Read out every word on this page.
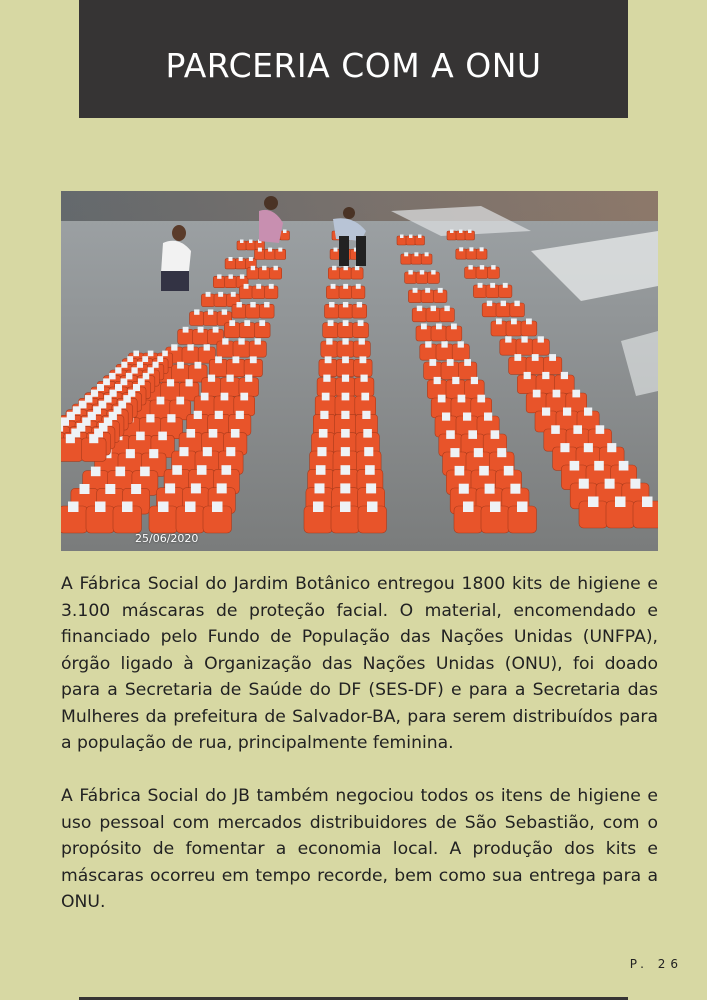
PARCERIA COM A ONU
25/06/2020

A Fábrica Social do Jardim Botânico entregou 1800 kits de higiene e 3.100 máscaras de proteção facial. O material, encomendado e financiado pelo Fundo de População das Nações Unidas (UNFPA), órgão ligado à Organização das Nações Unidas (ONU), foi doado para a Secretaria de Saúde do DF (SES-DF) e para a Secretaria das Mulheres da prefeitura de Salvador-BA, para serem distribuídos para a população de rua, principalmente feminina.

A Fábrica Social do JB também negociou todos os itens de higiene e uso pessoal com mercados distribuidores de São Sebastião, com o propósito de fomentar a economia local. A produção dos kits e máscaras ocorreu em tempo recorde, bem como sua entrega para a ONU.

P. 26
